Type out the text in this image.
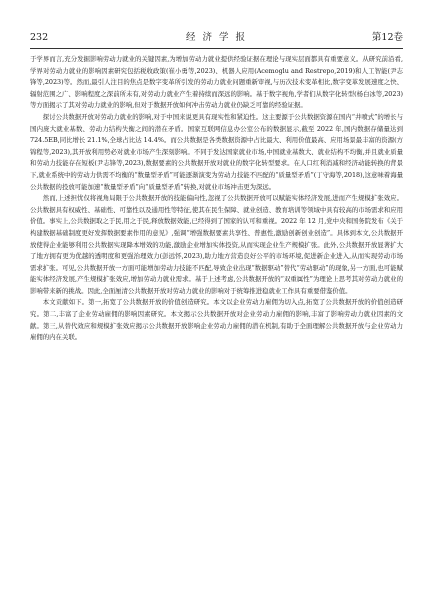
232	经 济 学 报	第12卷

于学界而言,充分发掘影响劳动力就业的关键因素,为增加劳动力就业提供经验证据在理论与现实层面都具有重要意义。从研究前沿看,学界对劳动力就业的影响因素研究包括税收政策(崔小勇等,2023)、机器人应用(Acemoglu and Restrepo,2019)和人工智能(尹志锋等,2023)等。然而,最引人注目的焦点是数字变革所引发的劳动力就业问题重新审视,与历次技术变革相比,数字变革发展速度之快、辐射范围之广、影响程度之深前所未有,对劳动力就业产生着持续而深远的影响。基于数字视角,学者们从数字化转型(杨白冰等,2023)等方面揭示了其对劳动力就业的影响,但对于数据开放如何冲击劳动力就业仍缺乏可靠的经验证据。

探讨公共数据开放对劳动力就业的影响,对于中国来说更具有现实性和紧迫性。这主要源于公共数据资源在国内“井喷式”的增长与国内庞大就业基数、劳动力结构失衡之间的潜在矛盾。国家互联网信息办公室公布的数据显示,截至 2022 年,国内数据存储量达到724.5EB,同比增长 21.1%,全球占比达 14.4%。而公共数据是各类数据资源中占比最大、利用价值最高、应用场景最丰富的资源(方锦程等,2023),其开放利用势必对就业市场产生深刻影响。不同于发达国家就业市场,中国就业基数大、就业结构不均衡,并且就业质量和劳动力技能存在短板(尹志锋等,2023),数据要素的公共数据开放对就业的数字化转型要求。在人口红利消减和经济动能转换的背景下,就业系统中的劳动力供需不均衡的“数量型矛盾”可能逐渐演变为劳动力技能不匹配的“质量型矛盾”(丁守海等,2018),这意味着海量公共数据的投放可能加速“数量型矛盾”向“质量型矛盾”转换,对就业市场冲击更为深远。

然而,上述担忧仅将视角局限于公共数据开放的技能偏向性,忽视了公共数据开放可以赋能实体经济发展,进而产生规模扩张效应。公共数据具有权威性、基础性、可靠性以及通用性等特征,使其在民生保障、就业创造、教育培训等领域中具有较高的市场需求和应用价值。事实上,公共数据取之于民,用之于民,释放数据效能,已经得到了国家的认可和重视。2022 年 12 月,党中央和国务院发布《关于构建数据基础制度更好发挥数据要素作用的意见》,强调“增强数据要素共享性、普惠性,激励创新创业创造”。具体到本文,公共数据开放使得企业能够利用公共数据实现降本增效的功能,激励企业增加实体投资,从而实现企业生产规模扩张。此外,公共数据开放显著扩大了地方拥有更为优越的透明度和更强治理效力(彭远怀,2023),助力地方营造良好公平的市场环境,促进新企业进入,从而实现劳动市场需求扩张。可见,公共数据开放一方面可能增加劳动力技能不匹配,导致企业出现“数据驱动”替代“劳动驱动”的现象,另一方面,也可能赋能实体经济发展,产生规模扩张效应,增加劳动力就业需求。基于上述考虑,公共数据开放的“双重属性”为理论上思考其对劳动力就业的影响带来新的挑战。因此,全面厘清公共数据开放对劳动力就业的影响对于统筹推进稳就业工作具有重要借鉴价值。

本文贡献如下。第一,拓宽了公共数据开放的价值创造研究。本文以企业劳动力雇佣为切入点,拓宽了公共数据开放的价值创造研究。第二,丰富了企业劳动雇佣的影响因素研究。本文揭示公共数据开放对企业劳动力雇佣的影响,丰富了影响劳动力就业因素的文献。第三,从替代效应和规模扩张效应揭示公共数据开放影响企业劳动力雇佣的潜在机制,有助于全面理解公共数据开放与企业劳动力雇佣的内在关联。
